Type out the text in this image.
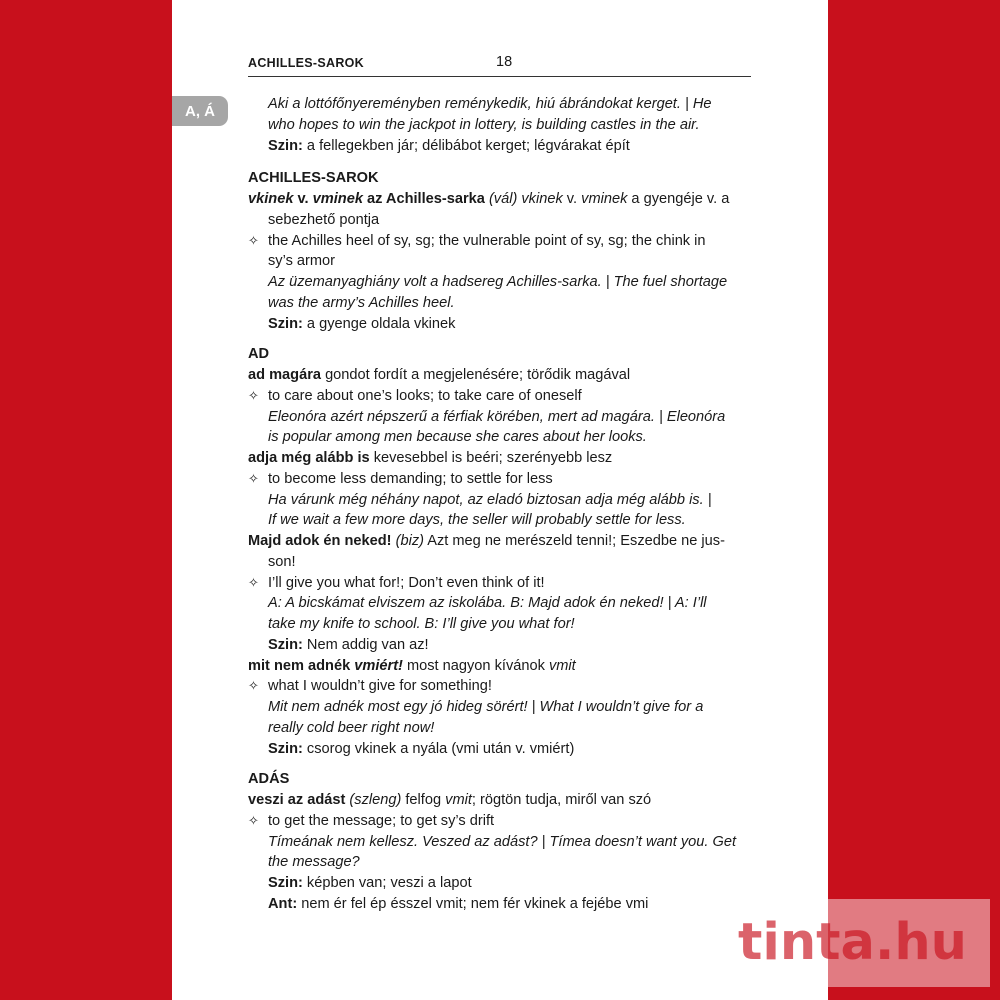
ACHILLES-SAROK	18
Aki a lottófőnyereményben reménykedik, hiú ábrándokat kerget. | He
who hopes to win the jackpot in lottery, is building castles in the air.
Szin: a fellegekben jár; délibábot kerget; légvárakat épít
ACHILLES-SAROK
vkinek v. vminek az Achilles-sarka (vál) vkinek v. vminek a gyengéje v. a
sebezhető pontja
✧ the Achilles heel of sy, sg; the vulnerable point of sy, sg; the chink in
sy’s armor
Az üzemanyaghiány volt a hadsereg Achilles-sarka. | The fuel shortage
was the army’s Achilles heel.
Szin: a gyenge oldala vkinek
AD
ad magára gondot fordít a megjelenésére; törődik magával
✧ to care about one’s looks; to take care of oneself
Eleonóra azért népszerű a férfiak körében, mert ad magára. | Eleonóra
is popular among men because she cares about her looks.
adja még alább is kevesebbel is beéri; szerényebb lesz
✧ to become less demanding; to settle for less
Ha várunk még néhány napot, az eladó biztosan adja még alább is. |
If we wait a few more days, the seller will probably settle for less.
Majd adok én neked! (biz) Azt meg ne merészeld tenni!; Eszedbe ne jus-
son!
✧ I’ll give you what for!; Don’t even think of it!
A: A bicskámat elviszem az iskolába. B: Majd adok én neked! | A: I’ll
take my knife to school. B: I’ll give you what for!
Szin: Nem addig van az!
mit nem adnék vmiért! most nagyon kívánok vmit
✧ what I wouldn’t give for something!
Mit nem adnék most egy jó hideg sörért! | What I wouldn’t give for a
really cold beer right now!
Szin: csorog vkinek a nyála (vmi után v. vmiért)
ADÁS
veszi az adást (szleng) felfog vmit; rögtön tudja, miről van szó
✧ to get the message; to get sy’s drift
Tímeának nem kellesz. Veszed az adást? | Tímea doesn’t want you. Get
the message?
Szin: képben van; veszi a lapot
Ant: nem ér fel ép ésszel vmit; nem fér vkinek a fejébe vmi
A, Á
tinta.hu
